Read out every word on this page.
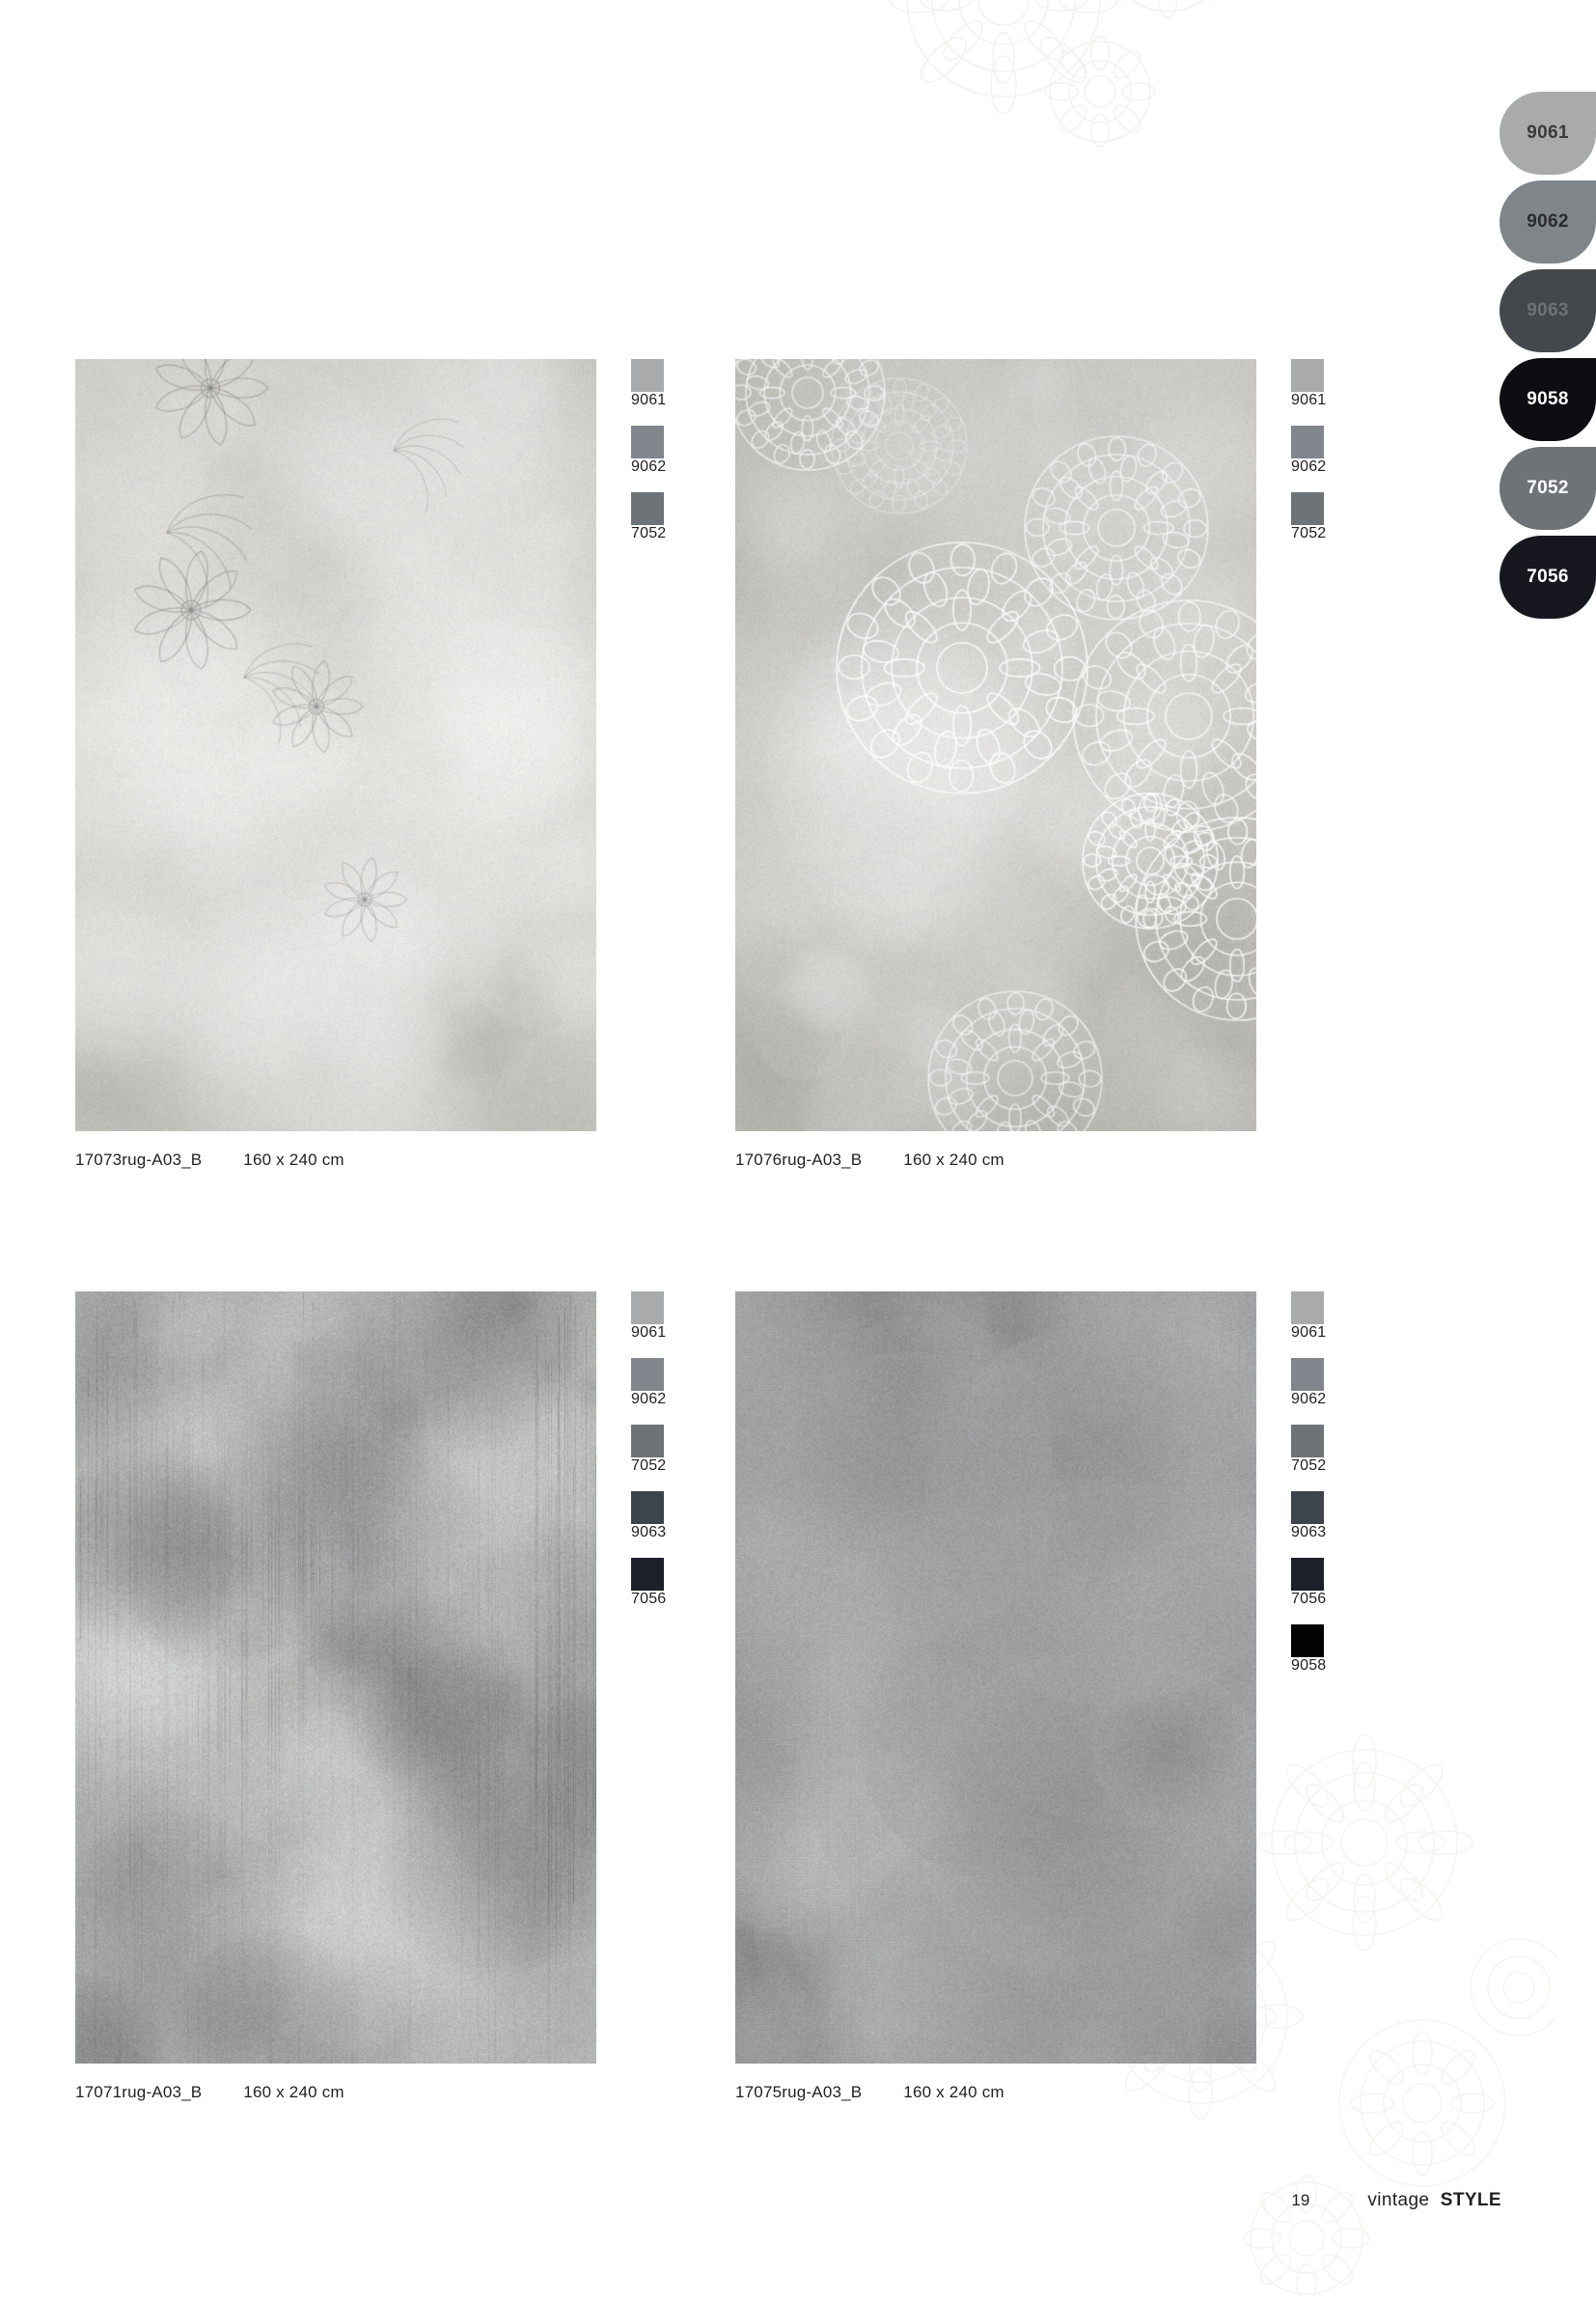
9061
9062
9063
9058
7052
7056
9061
9062
7052
17073rug-A03_B	160 x 240 cm
9061
9062
7052
17076rug-A03_B	160 x 240 cm
9061
9062
7052
9063
7056
17071rug-A03_B	160 x 240 cm
9061
9062
7052
9063
7056
9058
17075rug-A03_B	160 x 240 cm
19	vintage STYLE
